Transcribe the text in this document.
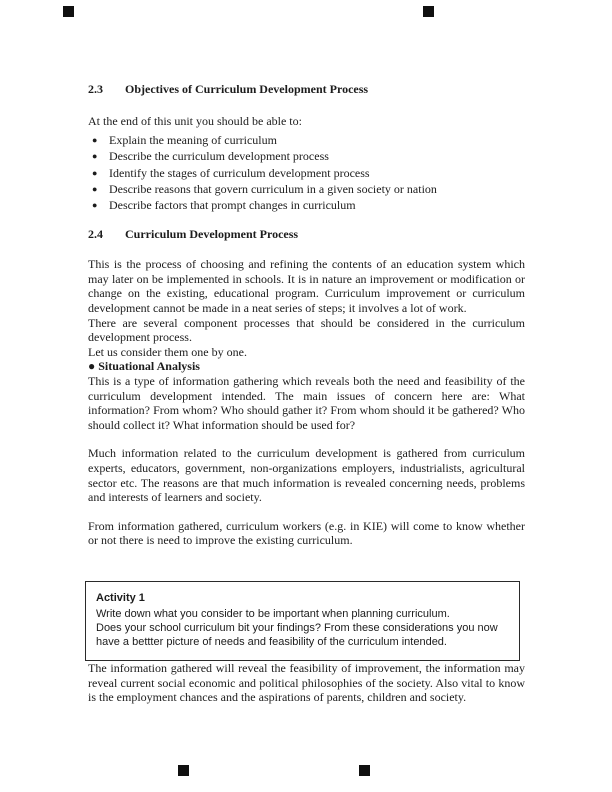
2.3	Objectives of Curriculum Development Process

At the end of this unit you should be able to:

● Explain the meaning of curriculum
● Describe the curriculum development process
● Identify the stages of curriculum development process
● Describe reasons that govern curriculum in a given society or nation
● Describe factors that prompt changes in curriculum
2.4	Curriculum Development Process

This is the process of choosing and refining the contents of an education system which may later on be implemented in schools. It is in nature an improvement or modification or change on the existing, educational program. Curriculum improvement or curriculum development cannot be made in a neat series of steps; it involves a lot of work.

There are several component processes that should be considered in the curriculum development process.

Let us consider them one by one.

● Situational Analysis

This is a type of information gathering which reveals both the need and feasibility of the curriculum development intended. The main issues of concern here are: What information? From whom? Who should gather it? From whom should it be gathered? Who should collect it? What information should be used for?

Much information related to the curriculum development is gathered from curriculum experts, educators, government, non-organizations employers, industrialists, agricultural sector etc. The reasons are that much information is revealed concerning needs, problems and interests of learners and society.

From information gathered, curriculum workers (e.g. in KIE) will come to know whether or not there is need to improve the existing curriculum.

Activity 1

Write down what you consider to be important when planning curriculum.

Does your school curriculum bit your findings? From these considerations you now have a bettter picture of needs and feasibility of the curriculum intended.

The information gathered will reveal the feasibility of improvement, the information may reveal current social economic and political philosophies of the society. Also vital to know is the employment chances and the aspirations of parents, children and society.
